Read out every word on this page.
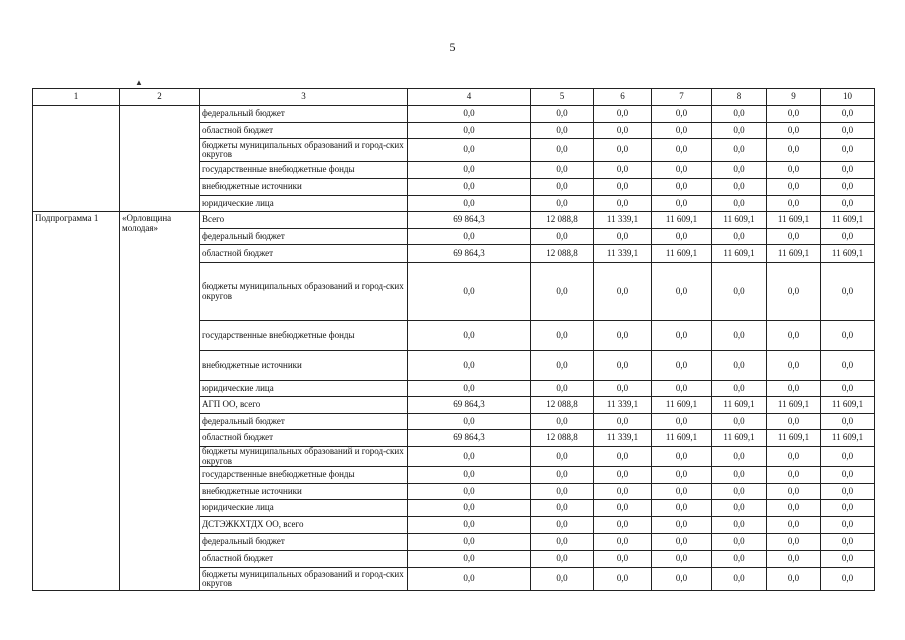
5
▲
1	2	3	4	5	6	7	8	9	10
		федеральный бюджет	0,0	0,0	0,0	0,0	0,0	0,0	0,0
		областной бюджет	0,0	0,0	0,0	0,0	0,0	0,0	0,0
		бюджеты муниципальных образований и город-ских округов	0,0	0,0	0,0	0,0	0,0	0,0	0,0
		государственные внебюджетные фонды	0,0	0,0	0,0	0,0	0,0	0,0	0,0
		внебюджетные источники	0,0	0,0	0,0	0,0	0,0	0,0	0,0
		юридические лица	0,0	0,0	0,0	0,0	0,0	0,0	0,0
Подпрограмма 1	«Орловщина молодая»	Всего	69 864,3	12 088,8	11 339,1	11 609,1	11 609,1	11 609,1	11 609,1
		федеральный бюджет	0,0	0,0	0,0	0,0	0,0	0,0	0,0
		областной бюджет	69 864,3	12 088,8	11 339,1	11 609,1	11 609,1	11 609,1	11 609,1
		бюджеты муниципальных образований и город-ских округов	0,0	0,0	0,0	0,0	0,0	0,0	0,0
		государственные внебюджетные фонды	0,0	0,0	0,0	0,0	0,0	0,0	0,0
		внебюджетные источники	0,0	0,0	0,0	0,0	0,0	0,0	0,0
		юридические лица	0,0	0,0	0,0	0,0	0,0	0,0	0,0
		АГП ОО, всего	69 864,3	12 088,8	11 339,1	11 609,1	11 609,1	11 609,1	11 609,1
		федеральный бюджет	0,0	0,0	0,0	0,0	0,0	0,0	0,0
		областной бюджет	69 864,3	12 088,8	11 339,1	11 609,1	11 609,1	11 609,1	11 609,1
		бюджеты муниципальных образований и город-ских округов	0,0	0,0	0,0	0,0	0,0	0,0	0,0
		государственные внебюджетные фонды	0,0	0,0	0,0	0,0	0,0	0,0	0,0
		внебюджетные источники	0,0	0,0	0,0	0,0	0,0	0,0	0,0
		юридические лица	0,0	0,0	0,0	0,0	0,0	0,0	0,0
		ДСТЭЖКХТДХ ОО, всего	0,0	0,0	0,0	0,0	0,0	0,0	0,0
		федеральный бюджет	0,0	0,0	0,0	0,0	0,0	0,0	0,0
		областной бюджет	0,0	0,0	0,0	0,0	0,0	0,0	0,0
		бюджеты муниципальных образований и город-ских округов	0,0	0,0	0,0	0,0	0,0	0,0	0,0
